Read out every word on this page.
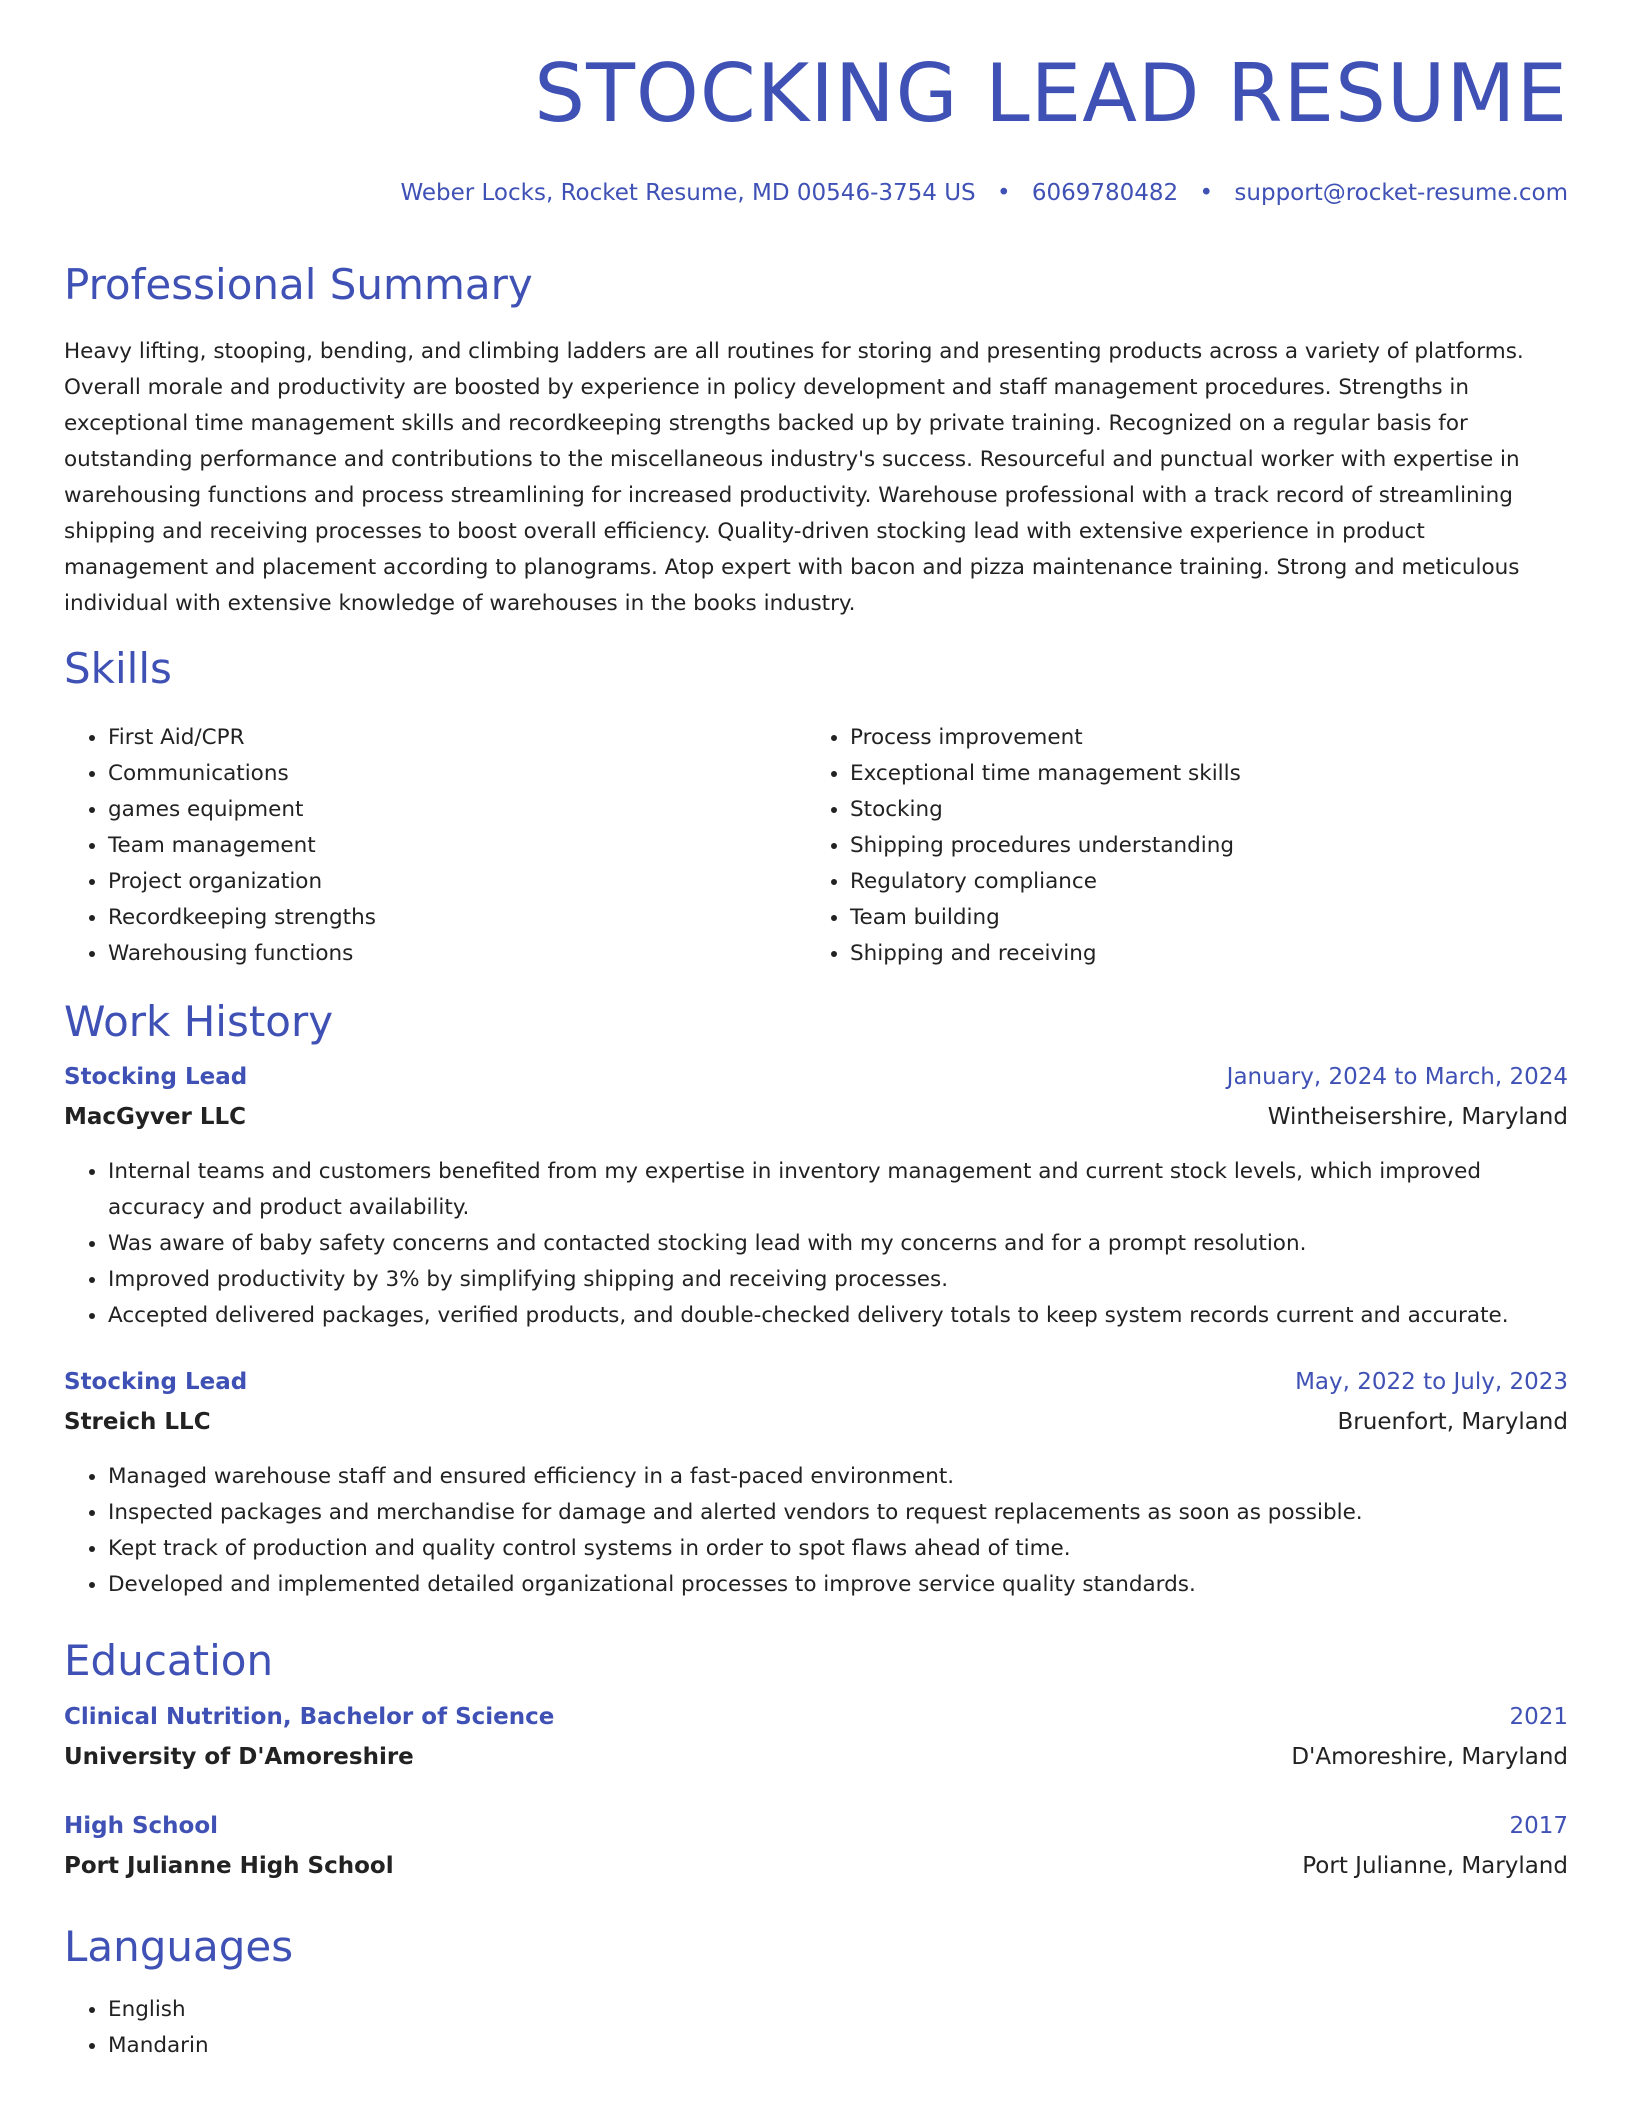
STOCKING LEAD RESUME
Weber Locks, Rocket Resume, MD 00546-3754 US • 6069780482 • support@rocket-resume.com
Professional Summary

Heavy lifting, stooping, bending, and climbing ladders are all routines for storing and presenting products across a variety of platforms. Overall morale and productivity are boosted by experience in policy development and staff management procedures. Strengths in exceptional time management skills and recordkeeping strengths backed up by private training. Recognized on a regular basis for outstanding performance and contributions to the miscellaneous industry's success. Resourceful and punctual worker with expertise in warehousing functions and process streamlining for increased productivity. Warehouse professional with a track record of streamlining shipping and receiving processes to boost overall efficiency. Quality-driven stocking lead with extensive experience in product management and placement according to planograms. Atop expert with bacon and pizza maintenance training. Strong and meticulous individual with extensive knowledge of warehouses in the books industry.

Skills
• First Aid/CPR
• Communications
• games equipment
• Team management
• Project organization
• Recordkeeping strengths
• Warehousing functions
• Process improvement
• Exceptional time management skills
• Stocking
• Shipping procedures understanding
• Regulatory compliance
• Team building
• Shipping and receiving
Work History
Stocking Lead	January, 2024 to March, 2024
MacGyver LLC	Wintheisershire, Maryland
• Internal teams and customers benefited from my expertise in inventory management and current stock levels, which improved accuracy and product availability.
• Was aware of baby safety concerns and contacted stocking lead with my concerns and for a prompt resolution.
• Improved productivity by 3% by simplifying shipping and receiving processes.
• Accepted delivered packages, verified products, and double-checked delivery totals to keep system records current and accurate.
Stocking Lead	May, 2022 to July, 2023
Streich LLC	Bruenfort, Maryland
• Managed warehouse staff and ensured efficiency in a fast-paced environment.
• Inspected packages and merchandise for damage and alerted vendors to request replacements as soon as possible.
• Kept track of production and quality control systems in order to spot flaws ahead of time.
• Developed and implemented detailed organizational processes to improve service quality standards.
Education
Clinical Nutrition, Bachelor of Science	2021
University of D'Amoreshire	D'Amoreshire, Maryland
High School	2017
Port Julianne High School	Port Julianne, Maryland
Languages
• English
• Mandarin
